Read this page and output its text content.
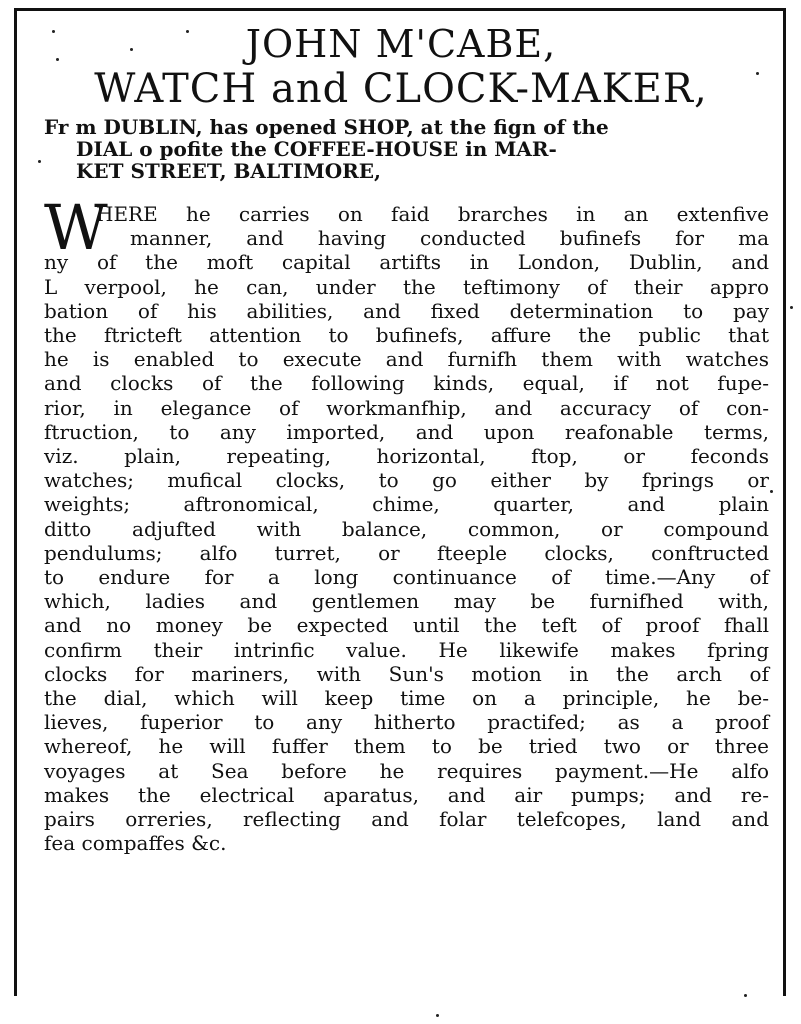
JOHN M'CABE,
WATCH and CLOCK-MAKER,
Fr m DUBLIN, has opened SHOP, at the fign of the
DIAL o pofite the COFFEE-HOUSE in MAR-
KET STREET, BALTIMORE,
W
HERE he carries on faid brarches in an extenfive
manner, and having conducted bufinefs for ma
ny of the moft capital artifts in London, Dublin, and
L verpool, he can, under the teftimony of their appro
bation of his abilities, and fixed determination to pay
the ftricteft attention to bufinefs, affure the public that
he is enabled to execute and furnifh them with watches
and clocks of the following kinds, equal, if not fupe-
rior, in elegance of workmanfhip, and accuracy of con-
ftruction, to any imported, and upon reafonable terms,
viz. plain, repeating, horizontal, ftop, or feconds
watches; mufical clocks, to go either by fprings or
weights; aftronomical, chime, quarter, and plain
ditto adjufted with balance, common, or compound
pendulums; alfo turret, or fteeple clocks, conftructed
to endure for a long continuance of time.—Any of
which, ladies and gentlemen may be furnifhed with,
and no money be expected until the teft of proof fhall
confirm their intrinfic value. He likewife makes fpring
clocks for mariners, with Sun's motion in the arch of
the dial, which will keep time on a principle, he be-
lieves, fuperior to any hitherto practifed; as a proof
whereof, he will fuffer them to be tried two or three
voyages at Sea before he requires payment.—He alfo
makes the electrical aparatus, and air pumps; and re-
pairs orreries, reflecting and folar telefcopes, land and
fea compaffes &c.
